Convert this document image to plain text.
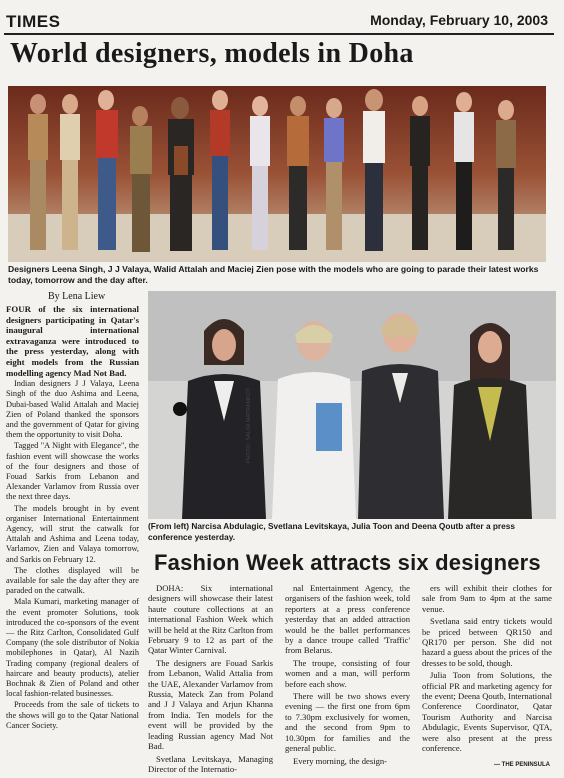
TIMES	Monday, February 10, 2003
World designers, models in Doha
Designers Leena Singh, J J Valaya, Walid Attalah and Maciej Zien pose with the models who are going to parade their latest works today, tomorrow and the day after.
By Lena Liew

FOUR of the six international designers participating in Qatar's inaugural international extravaganza were introduced to the press yesterday, along with eight models from the Russian modelling agency Mad Not Bad.

Indian designers J J Valaya, Leena Singh of the duo Ashima and Leena, Dubai-based Walid Attalah and Maciej Zien of Poland thanked the sponsors and the government of Qatar for giving them the opportunity to visit Doha.

Tagged "A Night with Elegance", the fashion event will showcase the works of the four designers and those of Fouad Sarkis from Lebanon and Alexander Varlamov from Russia over the next three days.

The models brought in by event organiser International Entertainment Agency, will strut the catwalk for Attalah and Ashima and Leena today, Varlamov, Zien and Valaya tomorrow, and Sarkis on February 12.

The clothes displayed will be available for sale the day after they are paraded on the catwalk.

Mala Kumari, marketing manager of the event promoter Solutions, took introduced the co-sponsors of the event — the Ritz Carlton, Consolidated Gulf Company (the sole distributor of Nokia mobilephones in Qatar), Al Nazih Trading company (regional dealers of haircare and beauty products), atelier Bochnak & Zien of Poland and other local fashion-related businesses.

Proceeds from the sale of tickets to the shows will go to the Qatar National Cancer Society.

PHOTO: SALIM MATRAMKOT
(From left) Narcisa Abdulagic, Svetlana Levitskaya, Julia Toon and Deena Qoutb after a press conference yesterday.
Fashion Week attracts six designers

DOHA: Six international designers will showcase their latest haute couture collections at an international Fashion Week which will be held at the Ritz Carlton from February 9 to 12 as part of the Qatar Winter Carnival.

The designers are Fouad Sarkis from Lebanon, Walid Attalia from the UAE, Alexander Varlamov from Russia, Mateck Zan from Poland and J J Valaya and Arjun Khanna from India. Ten models for the event will be provided by the leading Russian agency Mad Not Bad.

Svetlana Levitskaya, Managing Director of the Internatio-

nal Entertainment Agency, the organisers of the fashion week, told reporters at a press conference yesterday that an added attraction would be the ballet performances by a dance troupe called 'Traffic' from Belarus.

The troupe, consisting of four women and a man, will perform before each show.

There will be two shows every evening — the first one from 6pm to 7.30pm exclusively for women, and the second from 9pm to 10.30pm for families and the general public.

Every morning, the design-

ers will exhibit their clothes for sale from 9am to 4pm at the same venue.

Svetlana said entry tickets would be priced between QR150 and QR170 per person. She did not hazard a guess about the prices of the dresses to be sold, though.

Julia Toon from Solutions, the official PR and marketing agency for the event; Deena Qoutb, International Conference Coordinator, Qatar Tourism Authority and Narcisa Abdulagic, Events Supervisor, QTA, were also present at the press conference.

— THE PENINSULA
